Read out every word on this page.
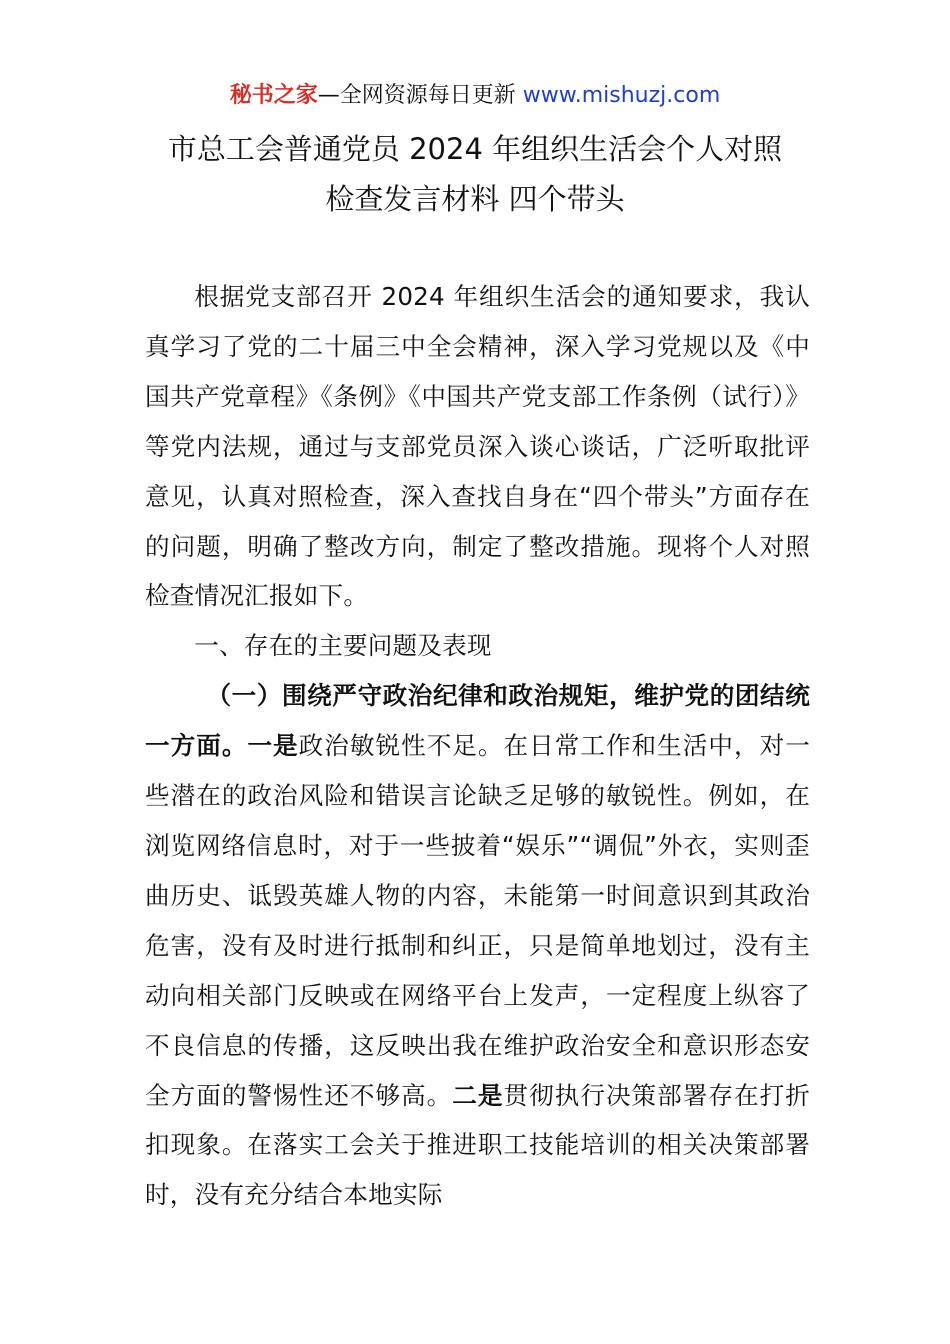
秘书之家—全网资源每日更新 www.mishuzj.com
市总工会普通党员 2024 年组织生活会个人对照
检查发言材料 四个带头

根据党支部召开 2024 年组织生活会的通知要求，我认真学习了党的二十届三中全会精神，深入学习党规以及《中国共产党章程》《条例》《中国共产党支部工作条例（试行）》等党内法规，通过与支部党员深入谈心谈话，广泛听取批评意见，认真对照检查，深入查找自身在“四个带头”方面存在的问题，明确了整改方向，制定了整改措施。现将个人对照检查情况汇报如下。

一、存在的主要问题及表现

（一）围绕严守政治纪律和政治规矩，维护党的团结统一方面。一是政治敏锐性不足。在日常工作和生活中，对一些潜在的政治风险和错误言论缺乏足够的敏锐性。例如，在浏览网络信息时，对于一些披着“娱乐”“调侃”外衣，实则歪曲历史、诋毁英雄人物的内容，未能第一时间意识到其政治危害，没有及时进行抵制和纠正，只是简单地划过，没有主动向相关部门反映或在网络平台上发声，一定程度上纵容了不良信息的传播，这反映出我在维护政治安全和意识形态安全方面的警惕性还不够高。二是贯彻执行决策部署存在打折扣现象。在落实工会关于推进职工技能培训的相关决策部署时，没有充分结合本地实际
